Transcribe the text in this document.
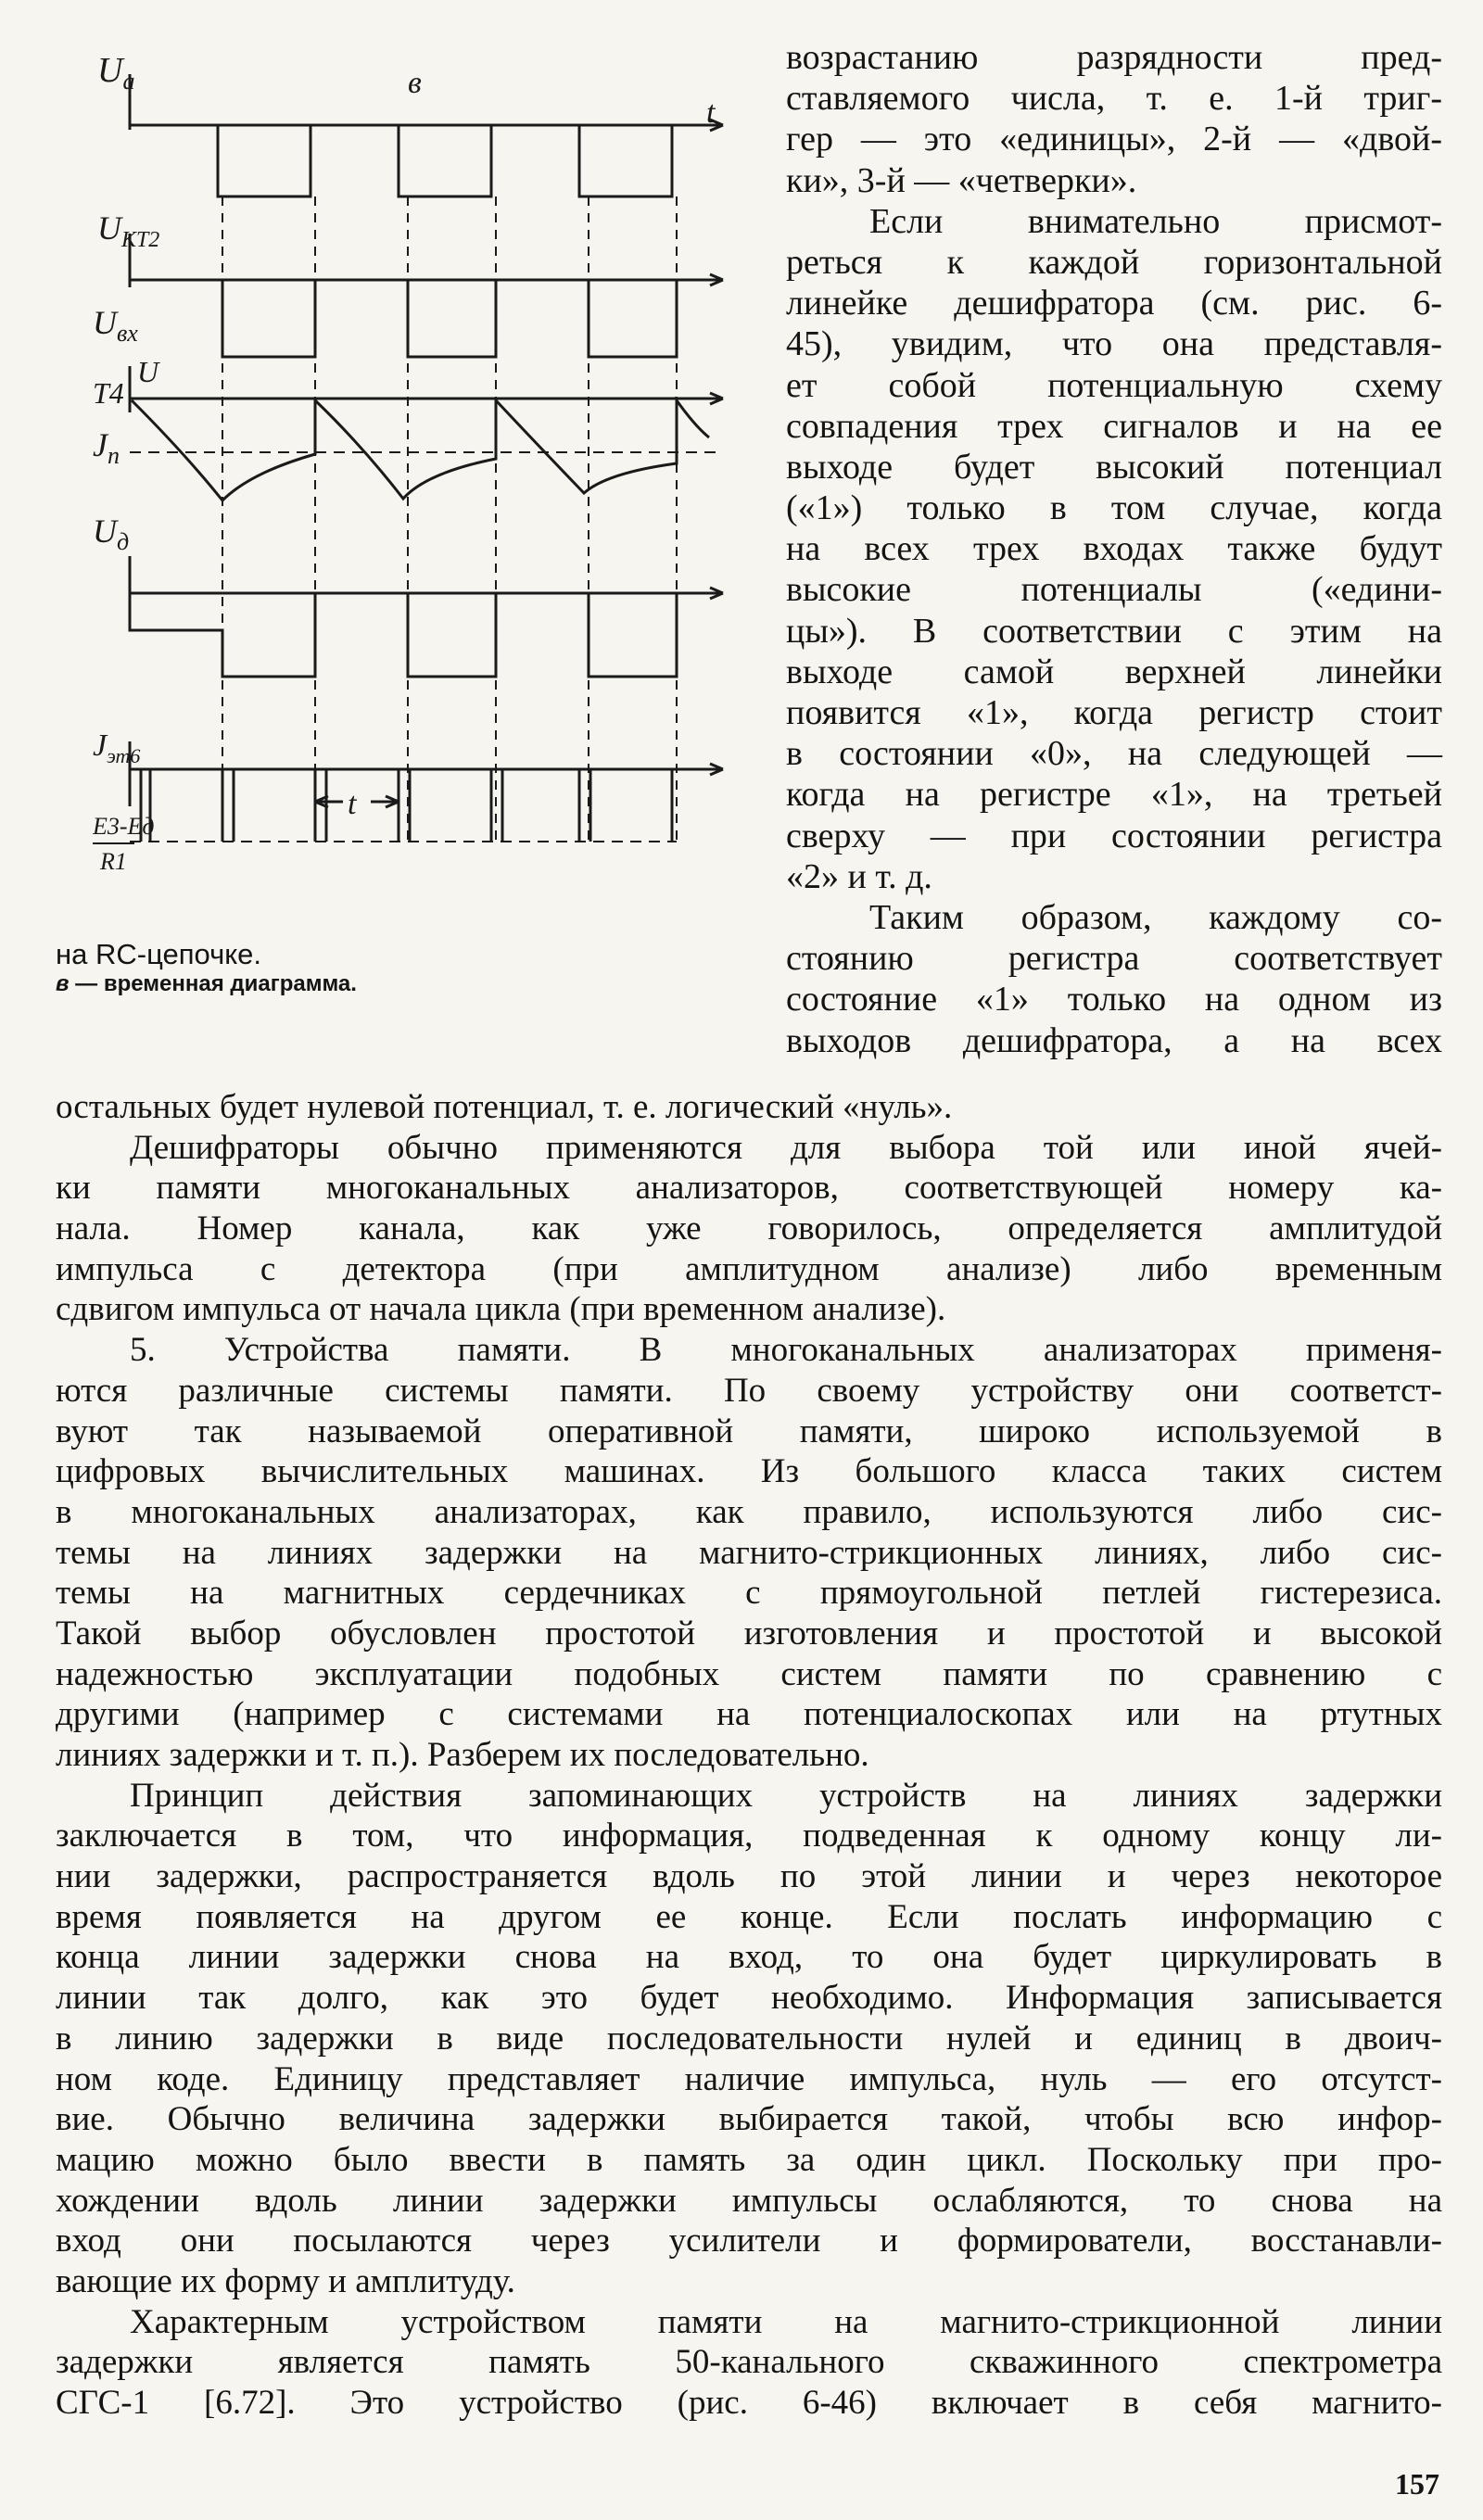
$U_a$	в
t
$U_{КТ2}$
$U_{вх}$
T4
U
$J_п$
$U_д$
$J_{эт6}$
t
E3-Eд
R1
на RC-цепочке.
в — временная диаграмма.
возрастанию разрядности пред-
ставляемого числа, т. е. 1-й триг-
гер — это «единицы», 2-й — «двой-
ки», 3-й — «четверки».
Если внимательно присмот-
реться к каждой горизонтальной
линейке дешифратора (см. рис. 6-
45), увидим, что она представля-
ет собой потенциальную схему
совпадения трех сигналов и на ее
выходе будет высокий потенциал
(«1») только в том случае, когда
на всех трех входах также будут
высокие потенциалы («едини-
цы»). В соответствии с этим на
выходе самой верхней линейки
появится «1», когда регистр стоит
в состоянии «0», на следующей —
когда на регистре «1», на третьей
сверху — при состоянии регистра
«2» и т. д.
Таким образом, каждому со-
стоянию регистра соответствует
состояние «1» только на одном из
выходов дешифратора, а на всех
остальных будет нулевой потенциал, т. е. логический «нуль».
Дешифраторы обычно применяются для выбора той или иной ячей-
ки памяти многоканальных анализаторов, соответствующей номеру ка-
нала. Номер канала, как уже говорилось, определяется амплитудой
импульса с детектора (при амплитудном анализе) либо временным
сдвигом импульса от начала цикла (при временном анализе).
5. Устройства памяти. В многоканальных анализаторах применя-
ются различные системы памяти. По своему устройству они соответст-
вуют так называемой оперативной памяти, широко используемой в
цифровых вычислительных машинах. Из большого класса таких систем
в многоканальных анализаторах, как правило, используются либо сис-
темы на линиях задержки на магнито-стрикционных линиях, либо сис-
темы на магнитных сердечниках с прямоугольной петлей гистерезиса.
Такой выбор обусловлен простотой изготовления и простотой и высокой
надежностью эксплуатации подобных систем памяти по сравнению с
другими (например с системами на потенциалоскопах или на ртутных
линиях задержки и т. п.). Разберем их последовательно.
Принцип действия запоминающих устройств на линиях задержки
заключается в том, что информация, подведенная к одному концу ли-
нии задержки, распространяется вдоль по этой линии и через некоторое
время появляется на другом ее конце. Если послать информацию с
конца линии задержки снова на вход, то она будет циркулировать в
линии так долго, как это будет необходимо. Информация записывается
в линию задержки в виде последовательности нулей и единиц в двоич-
ном коде. Единицу представляет наличие импульса, нуль — его отсутст-
вие. Обычно величина задержки выбирается такой, чтобы всю инфор-
мацию можно было ввести в память за один цикл. Поскольку при про-
хождении вдоль линии задержки импульсы ослабляются, то снова на
вход они посылаются через усилители и формирователи, восстанавли-
вающие их форму и амплитуду.
Характерным устройством памяти на магнито-стрикционной линии
задержки является память 50-канального скважинного спектрометра
СГС-1 [6.72]. Это устройство (рис. 6-46) включает в себя магнито-
157
